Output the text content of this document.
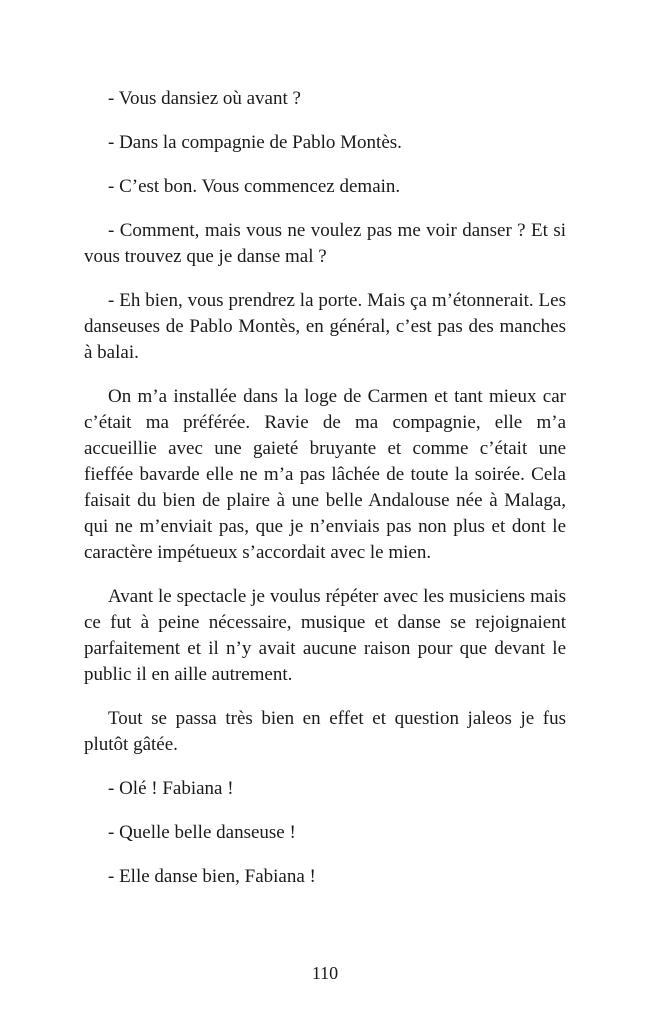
- Vous dansiez où avant ?

- Dans la compagnie de Pablo Montès.

- C’est bon. Vous commencez demain.

- Comment, mais vous ne voulez pas me voir danser ? Et si vous trouvez que je danse mal ?

- Eh bien, vous prendrez la porte. Mais ça m’étonnerait. Les danseuses de Pablo Montès, en général, c’est pas des manches à balai.

On m’a installée dans la loge de Carmen et tant mieux car c’était ma préférée. Ravie de ma compagnie, elle m’a accueillie avec une gaieté bruyante et comme c’était une fieffée bavarde elle ne m’a pas lâchée de toute la soirée. Cela faisait du bien de plaire à une belle Andalouse née à Malaga, qui ne m’enviait pas, que je n’enviais pas non plus et dont le caractère impétueux s’accordait avec le mien.

Avant le spectacle je voulus répéter avec les musiciens mais ce fut à peine nécessaire, musique et danse se rejoignaient parfaitement et il n’y avait aucune raison pour que devant le public il en aille autrement.

Tout se passa très bien en effet et question jaleos je fus plutôt gâtée.

- Olé ! Fabiana !

- Quelle belle danseuse !

- Elle danse bien, Fabiana !

110
